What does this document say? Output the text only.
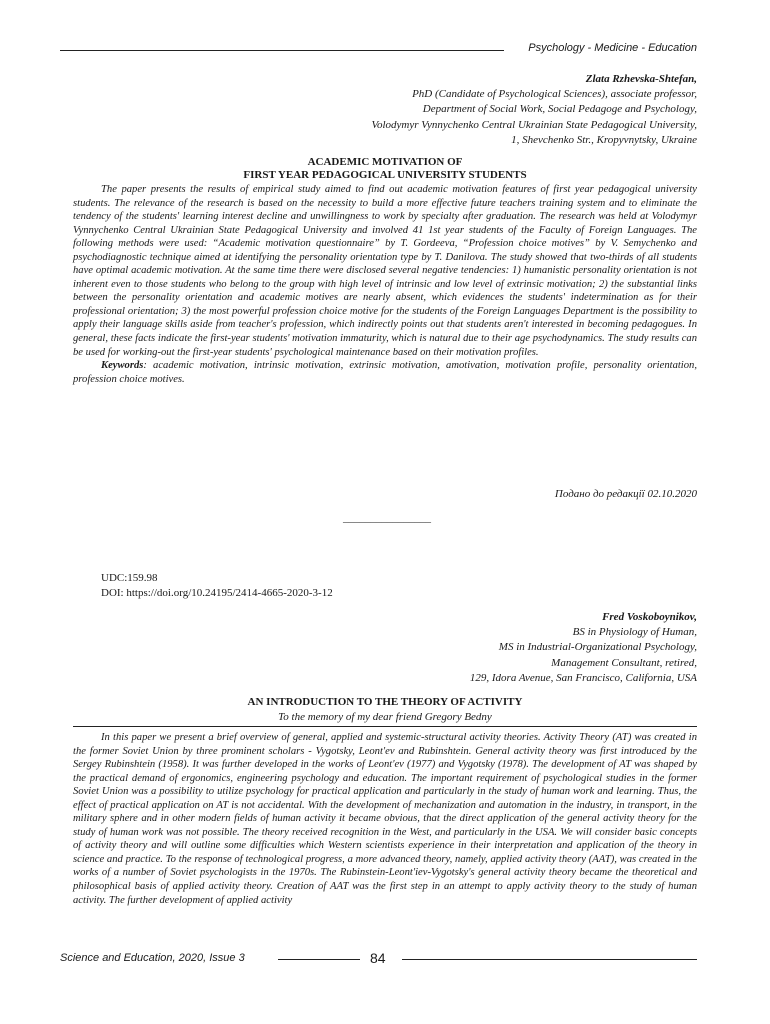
Psychology - Medicine - Education
Zlata Rzhevska-Shtefan,
PhD (Candidate of Psychological Sciences), associate professor,
Department of Social Work, Social Pedagoge and Psychology,
Volodymyr Vynnychenko Central Ukrainian State Pedagogical University,
1, Shevchenko Str., Kropyvnytsky, Ukraine
ACADEMIC MOTIVATION OF
FIRST YEAR PEDAGOGICAL UNIVERSITY STUDENTS

The paper presents the results of empirical study aimed to find out academic motivation features of first year pedagogical university students. The relevance of the research is based on the necessity to build a more effective future teachers training system and to eliminate the tendency of the students' learning interest decline and unwillingness to work by specialty after graduation. The research was held at Volodymyr Vynnychenko Central Ukrainian State Pedagogical University and involved 41 1st year students of the Faculty of Foreign Languages. The following methods were used: “Academic motivation questionnaire” by T. Gordeeva, “Profession choice motives” by V. Semychenko and psychodiagnostic technique aimed at identifying the personality orientation type by T. Danilova. The study showed that two-thirds of all students have optimal academic motivation. At the same time there were disclosed several negative tendencies: 1) humanistic personality orientation is not inherent even to those students who belong to the group with high level of intrinsic and low level of extrinsic motivation; 2) the substantial links between the personality orientation and academic motives are nearly absent, which evidences the students' indetermination as for their professional orientation; 3) the most powerful profession choice motive for the students of the Foreign Languages Department is the possibility to apply their language skills aside from teacher's profession, which indirectly points out that students aren't interested in becoming pedagogues. In general, these facts indicate the first-year students' motivation immaturity, which is natural due to their age psychodynamics. The study results can be used for working-out the first-year students' psychological maintenance based on their motivation profiles.

Keywords: academic motivation, intrinsic motivation, extrinsic motivation, amotivation, motivation profile, personality orientation, profession choice motives.

Подано до редакції 02.10.2020
________________
UDC:159.98
DOI: https://doi.org/10.24195/2414-4665-2020-3-12
Fred Voskoboynikov,
BS in Physiology of Human,
MS in Industrial-Organizational Psychology,
Management Consultant, retired,
129, Idora Avenue, San Francisco, California, USA
AN INTRODUCTION TO THE THEORY OF ACTIVITY
To the memory of my dear friend Gregory Bedny

In this paper we present a brief overview of general, applied and systemic-structural activity theories. Activity Theory (AT) was created in the former Soviet Union by three prominent scholars - Vygotsky, Leont'ev and Rubinshtein. General activity theory was first introduced by the Sergey Rubinshtein (1958). It was further developed in the works of Leont'ev (1977) and Vygotsky (1978). The development of AT was shaped by the practical demand of ergonomics, engineering psychology and education. The important requirement of psychological studies in the former Soviet Union was a possibility to utilize psychology for practical application and particularly in the study of human work and learning. Thus, the effect of practical application on AT is not accidental. With the development of mechanization and automation in the industry, in transport, in the military sphere and in other modern fields of human activity it became obvious, that the direct application of the general activity theory for the study of human work was not possible. The theory received recognition in the West, and particularly in the USA. We will consider basic concepts of activity theory and will outline some difficulties which Western scientists experience in their interpretation and application of the theory in science and practice. To the response of technological progress, a more advanced theory, namely, applied activity theory (AAT), was created in the works of a number of Soviet psychologists in the 1970s. The Rubinstein-Leont'iev-Vygotsky's general activity theory became the theoretical and philosophical basis of applied activity theory. Creation of AAT was the first step in an attempt to apply activity theory to the study of human activity. The further development of applied activity

Science and Education, 2020, Issue 3	84
